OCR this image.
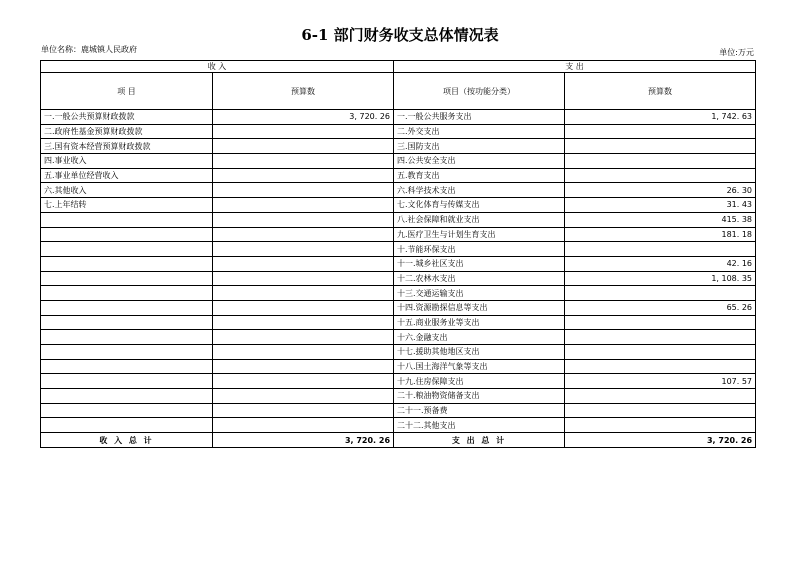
6-1 部门财务收支总体情况表
单位名称：鹿城镇人民政府	单位:万元
收 入		支 出	
项 目	预算数	项目（按功能分类）	预算数
一.一般公共预算财政拨款	3, 720. 26	一.一般公共服务支出	1, 742. 63
二.政府性基金预算财政拨款		二.外交支出	
三.国有资本经营预算财政拨款		三.国防支出	
四.事业收入		四.公共安全支出	
五.事业单位经营收入		五.教育支出	
六.其他收入		六.科学技术支出	26. 30
七.上年结转		七.文化体育与传媒支出	31. 43
		八.社会保障和就业支出	415. 38
		九.医疗卫生与计划生育支出	181. 18
		十.节能环保支出	
		十一.城乡社区支出	42. 16
		十二.农林水支出	1, 108. 35
		十三.交通运输支出	
		十四.资源勘探信息等支出	65. 26
		十五.商业服务业等支出	
		十六.金融支出	
		十七.援助其他地区支出	
		十八.国土海洋气象等支出	
		十九.住房保障支出	107. 57
		二十.粮油物资储备支出	
		二十一.预备费	
		二十二.其他支出	
收 入 总 计	3, 720. 26	支 出 总 计	3, 720. 26
